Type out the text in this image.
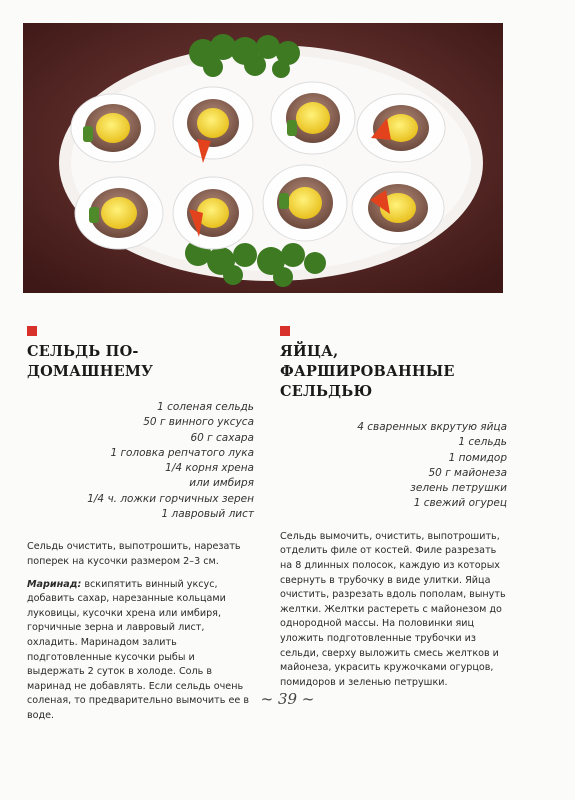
СЕЛЬДЬ ПО-ДОМАШНЕМУ
1 соленая сельдь
50 г винного уксуса
60 г сахара
1 головка репчатого лука
1/4 корня хрена
или имбиря
1/4 ч. ложки горчичных зерен
1 лавровый лист

Сельдь очистить, выпотрошить, нарезать поперек на кусочки размером 2–3 см.

Маринад: вскипятить винный уксус, добавить сахар, нарезанные кольцами луковицы, кусочки хрена или имбиря, горчичные зерна и лавровый лист, охладить. Маринадом залить подготовленные кусочки рыбы и выдержать 2 суток в холоде. Соль в маринад не добавлять. Если сельдь очень соленая, то предварительно вымочить ее в воде.

ЯЙЦА, ФАРШИРОВАННЫЕ СЕЛЬДЬЮ
4 сваренных вкрутую яйца
1 сельдь
1 помидор
50 г майонеза
зелень петрушки
1 свежий огурец

Сельдь вымочить, очистить, выпотрошить, отделить филе от костей. Филе разрезать на 8 длинных полосок, каждую из которых свернуть в трубочку в виде улитки. Яйца очистить, разрезать вдоль пополам, вынуть желтки. Желтки растереть с майонезом до однородной массы. На половинки яиц уложить подготовленные трубочки из сельди, сверху выложить смесь желтков и майонеза, украсить кружочками огурцов, помидоров и зеленью петрушки.

~ 39 ~
